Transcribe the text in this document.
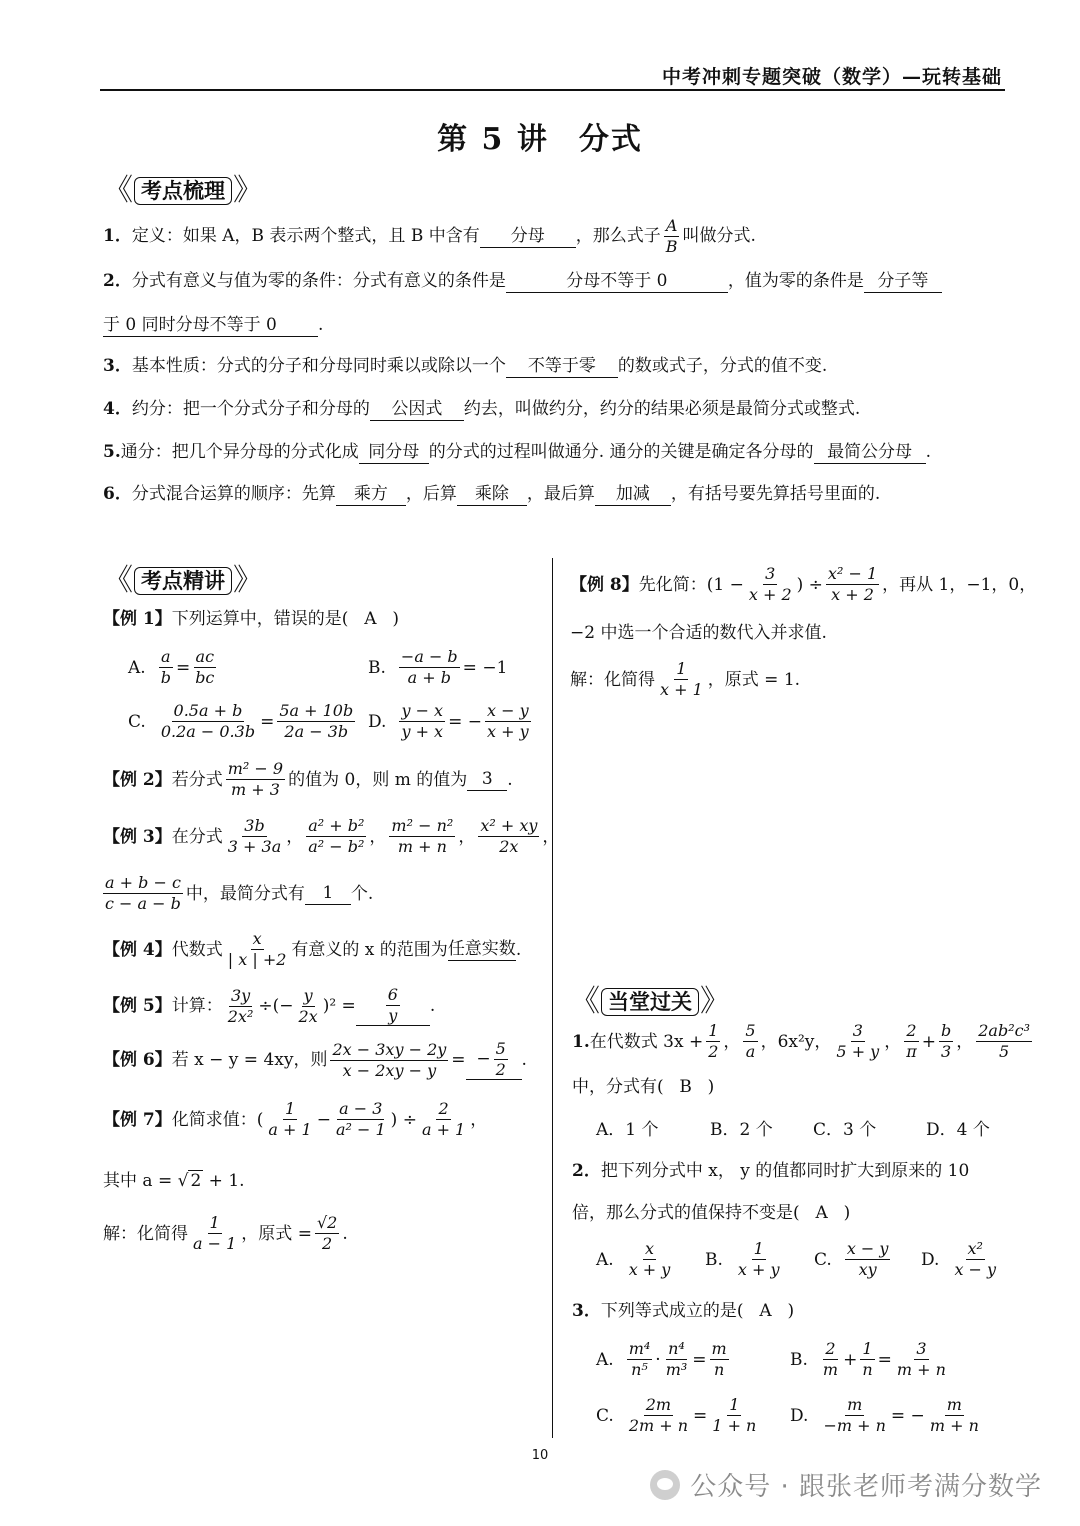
中考冲刺专题突破（数学）—玩转基础
第 5 讲 分式
《 考点梳理 》
1．定义：如果 A，B 表示两个整式，且 B 中含有 分母 ，那么式子 $\frac{A}{B}$ 叫做分式.
2．分式有意义与值为零的条件：分式有意义的条件是	分母不等于 0	，值为零的条件是 分子等
于 0 同时分母不等于 0 .
3．基本性质：分式的分子和分母同时乘以或除以一个 不等于零 的数或式子，分式的值不变.
4．约分：把一个分式分子和分母的 公因式 约去，叫做约分，约分的结果必须是最简分式或整式.
5.通分：把几个异分母的分式化成 同分母 的分式的过程叫做通分. 通分的关键是确定各分母的 最简公分母 .
6．分式混合运算的顺序：先算 乘方 ，后算 乘除 ，最后算 加减 ，有括号要先算括号里面的.
《 考点精讲 》
【例 1】下列运算中，错误的是( A )
A. $\frac{a}{b} = \frac{ac}{bc}$	B. $\frac{-a - b}{a + b} = -1$
C. $\frac{0.5a + b}{0.2a - 0.3b} = \frac{5a + 10b}{2a - 3b} D$. $\frac{y - x}{y + x}$ = − $\frac{x - y}{x + y}$
【例 2】 若分式 $\frac{\text{m² − 9}}{m + 3}$ 的值为 0，则 m 的值为 3 .
【例 3】 在分式 $\frac{3b}{3 + 3a}$ ， $\frac{\text{a² + b²}}{\text{a² − b²}}$ ， $\frac{\text{m² − n²}}{m + n}$ ， $\frac{\text{x² + xy}}{2x}$ ，
$\frac{a + b - c}{c - a - b}$ 中，最简分式有	1	个.
【例 4】 代数式 $\frac{x}{| x | +2}$ 有意义的 x 的范围为 任意实数 .
【例 5】 计算： $\frac{3y}{\text{2x²}}$ ÷(− $\frac{y}{2x} )^2 = \frac{6}{y}$ .
【例 6】 若 x − y = 4xy，则 $\frac{2x - 3xy - 2y}{x - 2xy - y}$ = − $\frac{5}{2}$ .
【例 7】 化简求值：( $\frac{1}{a + 1} - \frac{a - 3}{\text{a² − 1}}$ ) ÷ $\frac{2}{a + 1}$ ，
其中 a = √ 2 + 1.
解：化简得 $\frac{1}{a - 1}$ ，原式 = $\frac{√2}{2}$ .
【例 8】 先化简：($1 - \frac{3}{x + 2}$ ) ÷ $\frac{\text{x² − 1}}{x + 2}$ ，再从 1，−1，0，
−2 中选一个合适的数代入并求值.
解：化简得 $\frac{1}{x + 1}$ ，原式 = 1.
《 当堂过关 》
1. 在代数式 $3x + \frac{1}{2}$ ， $\frac{5}{a}$ ，6x²y， $\frac{3}{5 + y}$ ， $\frac{2}{\pi} + \frac{b}{3}$ ， $\frac{\text{2ab²c³}}{5}$
中，分式有( B )
A．1 个	B．2 个 C．3 个	D．4 个
2．把下列分式中 x， y 的值都同时扩大到原来的 10
倍，那么分式的值保持不变是( A )
A. $\frac{x}{x + y} B$. $\frac{1}{x + y} C$. $\frac{x - y}{xy} D$. $\frac{\text{x²}}{x - y}$
3．下列等式成立的是( A )
A. $\frac{\text{m⁴}}{\text{n⁵}} \cdot \frac{\text{n⁴}}{\text{m³}} = \frac{m}{n}$	B. $\frac{2}{m} + \frac{1}{n} = \frac{3}{m + n}$
C. $\frac{2m}{2m + n} = \frac{1}{1 + n} D$. $\frac{m}{-m + n}$ = − $\frac{m}{m + n}$
10
公众号 · 跟张老师考满分数学
